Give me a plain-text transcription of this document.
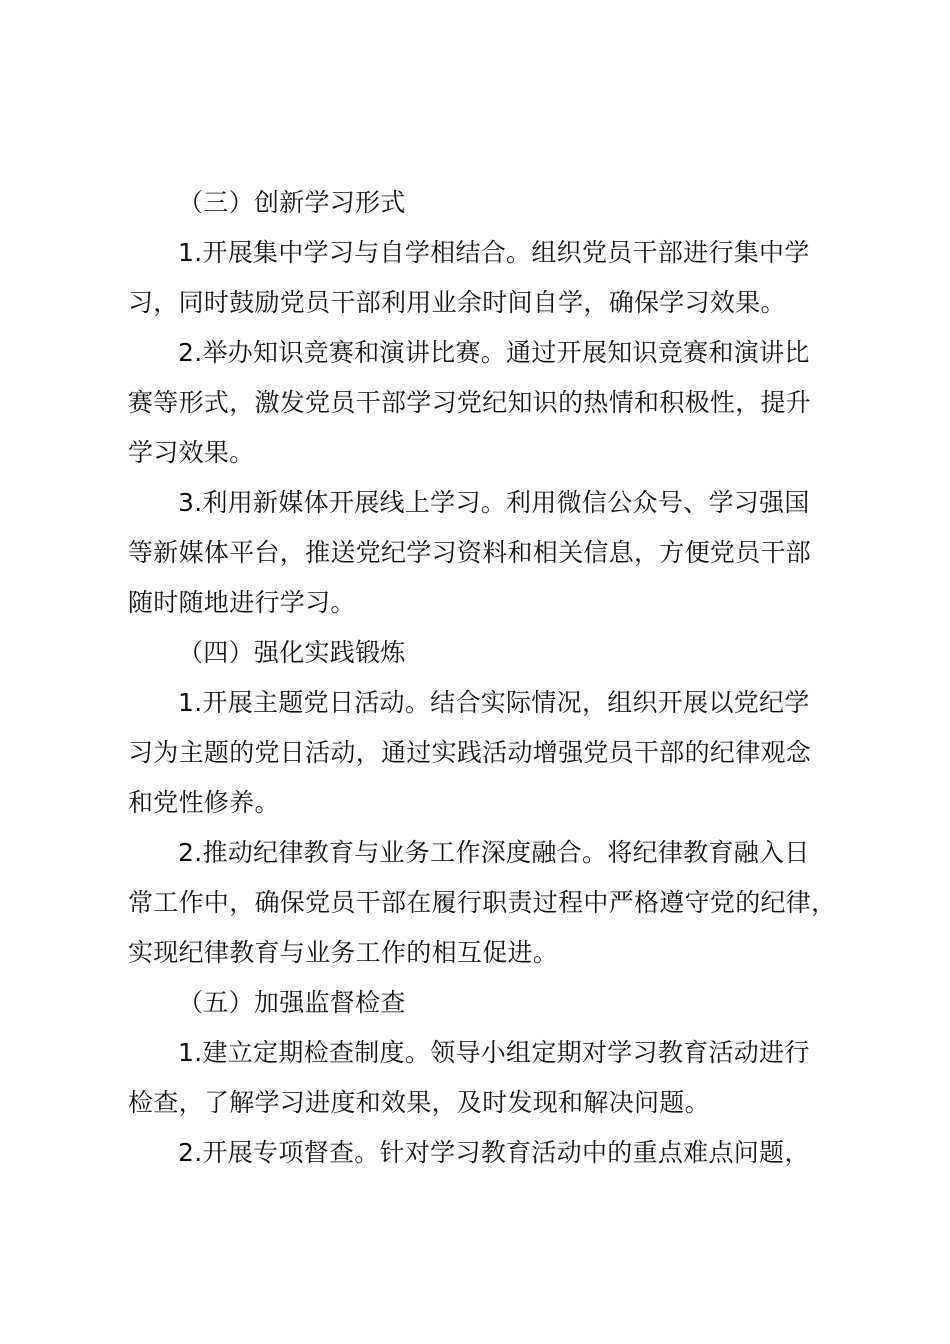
（三）创新学习形式
1.开展集中学习与自学相结合。组织党员干部进行集中学
习，同时鼓励党员干部利用业余时间自学，确保学习效果。
2.举办知识竞赛和演讲比赛。通过开展知识竞赛和演讲比
赛等形式，激发党员干部学习党纪知识的热情和积极性，提升
学习效果。
3.利用新媒体开展线上学习。利用微信公众号、学习强国
等新媒体平台，推送党纪学习资料和相关信息，方便党员干部
随时随地进行学习。
（四）强化实践锻炼
1.开展主题党日活动。结合实际情况，组织开展以党纪学
习为主题的党日活动，通过实践活动增强党员干部的纪律观念
和党性修养。
2.推动纪律教育与业务工作深度融合。将纪律教育融入日
常工作中，确保党员干部在履行职责过程中严格遵守党的纪律，
实现纪律教育与业务工作的相互促进。
（五）加强监督检查
1.建立定期检查制度。领导小组定期对学习教育活动进行
检查，了解学习进度和效果，及时发现和解决问题。
2.开展专项督查。针对学习教育活动中的重点难点问题，
